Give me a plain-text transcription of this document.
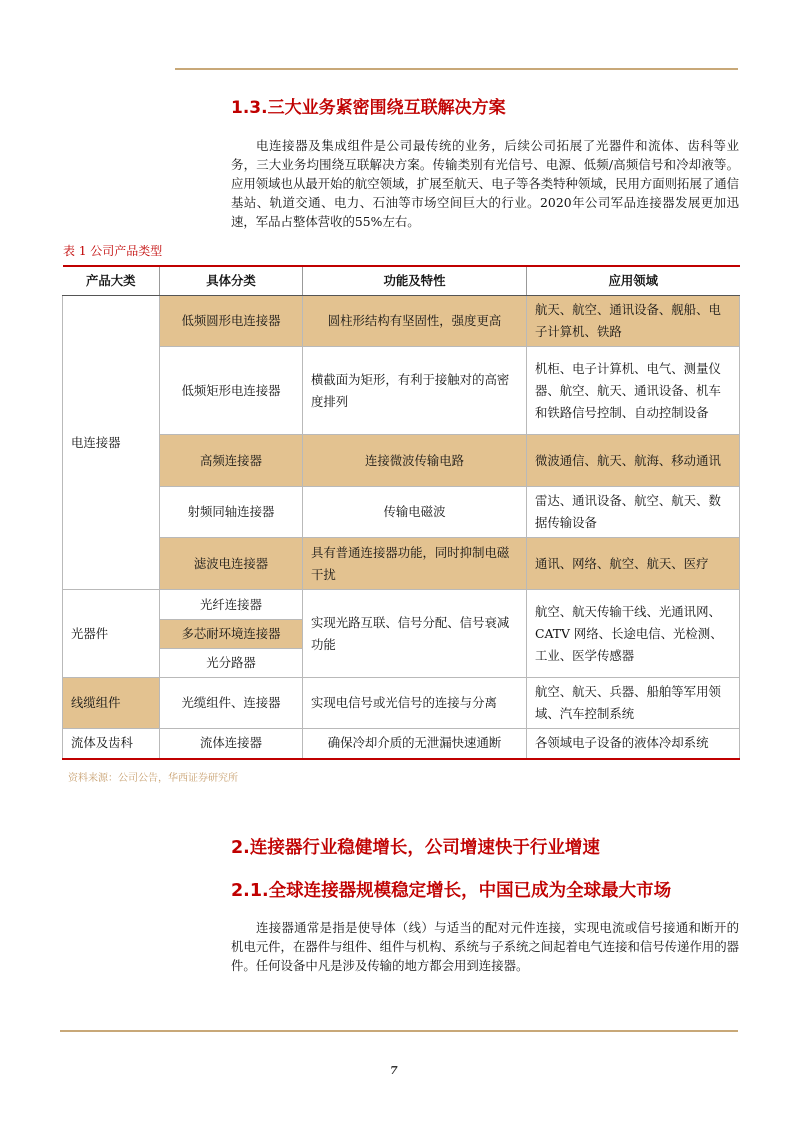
1.3.三大业务紧密围绕互联解决方案

电连接器及集成组件是公司最传统的业务，后续公司拓展了光器件和流体、齿科等业务，三大业务均围绕互联解决方案。传输类别有光信号、电源、低频/高频信号和冷却液等。应用领域也从最开始的航空领域，扩展至航天、电子等各类特种领域，民用方面则拓展了通信基站、轨道交通、电力、石油等市场空间巨大的行业。2020年公司军品连接器发展更加迅速，军品占整体营收的55%左右。

表 1 公司产品类型
产品大类	具体分类	功能及特性	应用领域
电连接器	低频圆形电连接器	圆柱形结构有坚固性，强度更高	航天、航空、通讯设备、舰船、电子计算机、铁路
	低频矩形电连接器	横截面为矩形，有利于接触对的高密度排列	机柜、电子计算机、电气、测量仪器、航空、航天、通讯设备、机车和铁路信号控制、自动控制设备
	高频连接器	连接微波传输电路	微波通信、航天、航海、移动通讯
	射频同轴连接器	传输电磁波	雷达、通讯设备、航空、航天、数据传输设备
	滤波电连接器	具有普通连接器功能，同时抑制电磁干扰	通讯、网络、航空、航天、医疗
光器件	光纤连接器	实现光路互联、信号分配、信号衰减功能	航空、航天传输干线、光通讯网、CATV 网络、长途电信、光检测、工业、医学传感器
	多芯耐环境连接器		
	光分路器		
线缆组件	光缆组件、连接器	实现电信号或光信号的连接与分离	航空、航天、兵器、船舶等军用领域、汽车控制系统
流体及齿科	流体连接器	确保冷却介质的无泄漏快速通断	各领域电子设备的液体冷却系统
资料来源：公司公告，华西证券研究所
2.连接器行业稳健增长，公司增速快于行业增速
2.1.全球连接器规模稳定增长，中国已成为全球最大市场

连接器通常是指是使导体（线）与适当的配对元件连接，实现电流或信号接通和断开的机电元件，在器件与组件、组件与机构、系统与子系统之间起着电气连接和信号传递作用的器件。任何设备中凡是涉及传输的地方都会用到连接器。

7
